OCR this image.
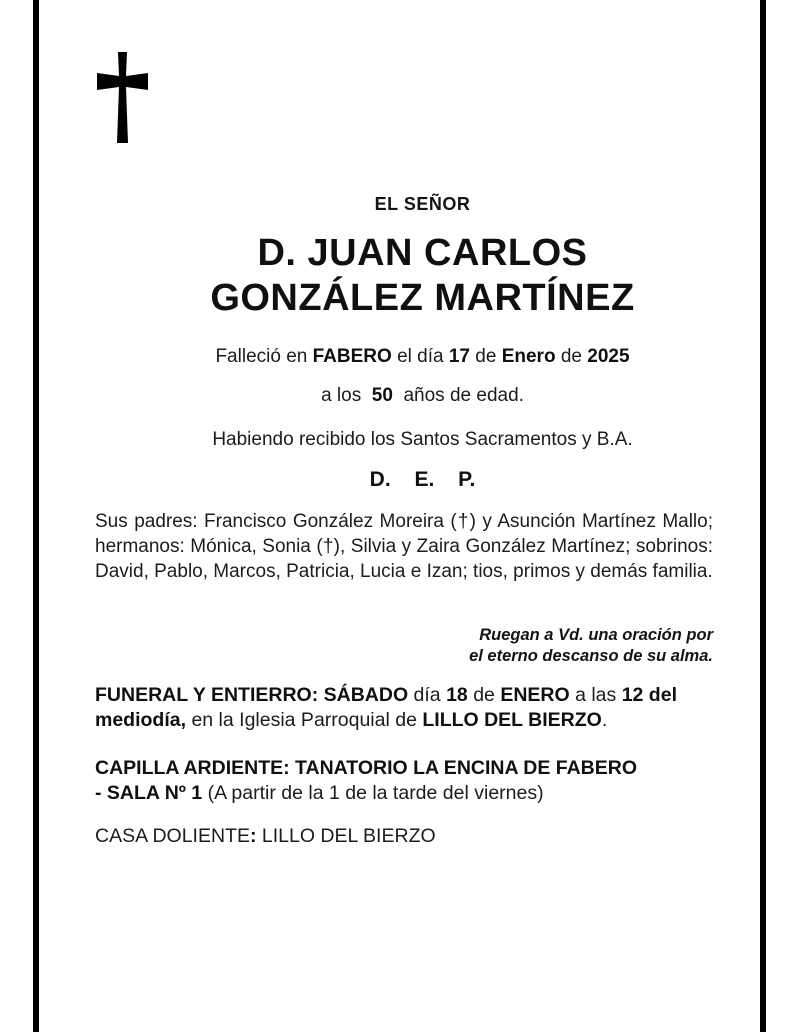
EL SEÑOR
D. JUAN CARLOS
GONZÁLEZ MARTÍNEZ
Falleció en FABERO el día 17 de Enero de 2025
a los  50  años de edad.
Habiendo recibido los Santos Sacramentos y B.A.
D. E. P.

Sus padres: Francisco González Moreira (†) y Asunción Martínez Mallo; hermanos: Mónica, Sonia (†), Silvia y Zaira González Martínez; sobrinos: David, Pablo, Marcos, Patricia, Lucia e Izan; tios, primos y demás familia.

Ruegan a Vd. una oración por
el eterno descanso de su alma.

FUNERAL Y ENTIERRO: SÁBADO día 18 de ENERO a las 12 del mediodía, en la Iglesia Parroquial de LILLO DEL BIERZO.

CAPILLA ARDIENTE: TANATORIO LA ENCINA DE FABERO
- SALA Nº 1 (A partir de la 1 de la tarde del viernes)

CASA DOLIENTE: LILLO DEL BIERZO
